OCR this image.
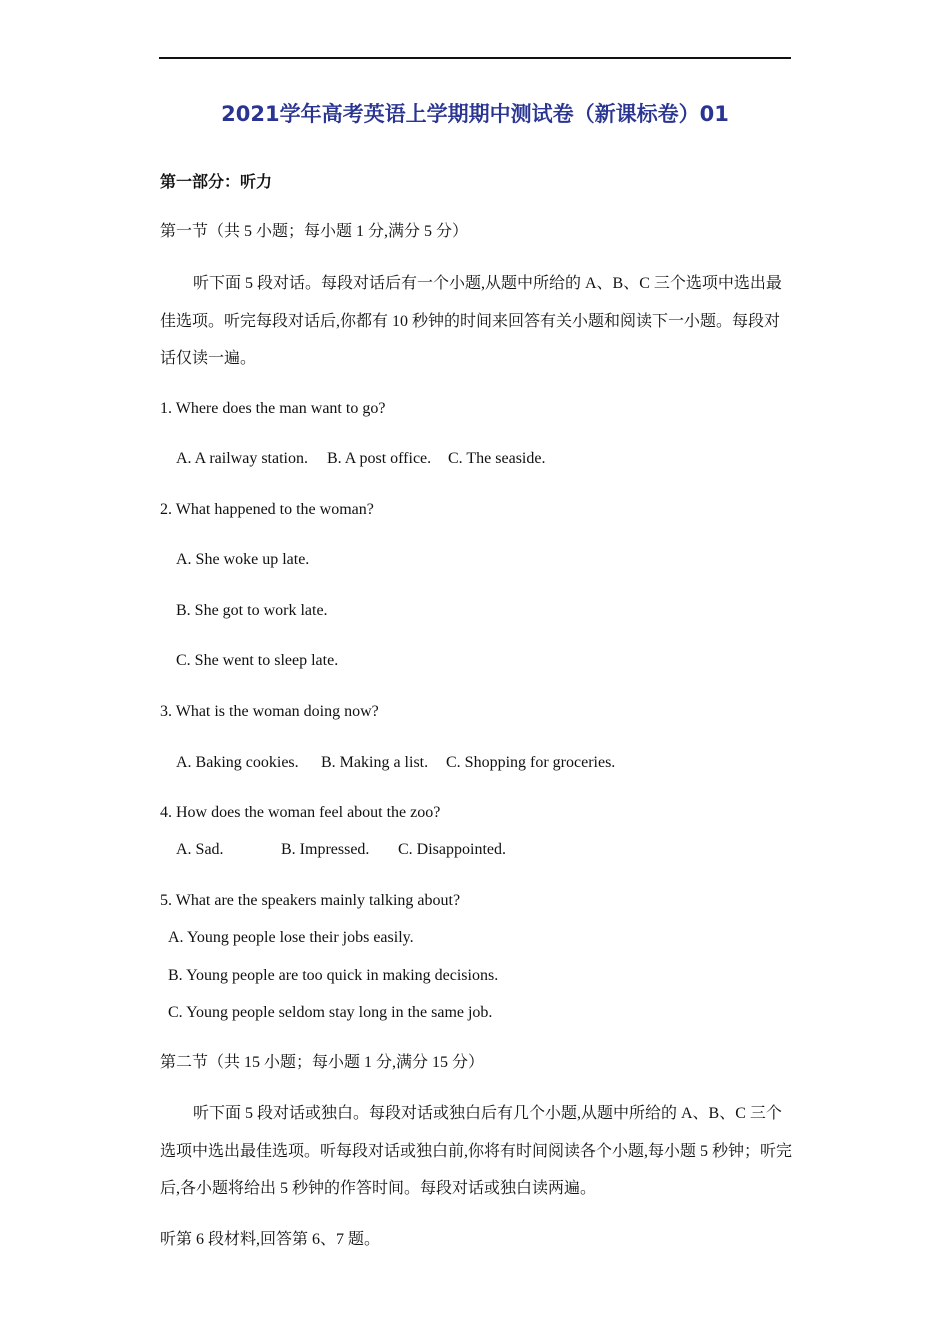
2021学年高考英语上学期期中测试卷（新课标卷）01
第一部分：听力
第一节（共 5 小题；每小题 1 分,满分 5 分）
听下面 5 段对话。每段对话后有一个小题,从题中所给的 A、B、C 三个选项中选出最佳选项。听完每段对话后,你都有 10 秒钟的时间来回答有关小题和阅读下一小题。每段对话仅读一遍。
1. Where does the man want to go?
A. A railway station. B. A post office. C. The seaside.
2. What happened to the woman?
A. She woke up late.
B. She got to work late.
C. She went to sleep late.
3. What is the woman doing now?
A. Baking cookies. B. Making a list. C. Shopping for groceries.
4. How does the woman feel about the zoo?
A. Sad.	B. Impressed. C. Disappointed.
5. What are the speakers mainly talking about?
A. Young people lose their jobs easily.
B. Young people are too quick in making decisions.
C. Young people seldom stay long in the same job.
第二节（共 15 小题；每小题 1 分,满分 15 分）
听下面 5 段对话或独白。每段对话或独白后有几个小题,从题中所给的 A、B、C 三个选项中选出最佳选项。听每段对话或独白前,你将有时间阅读各个小题,每小题 5 秒钟；听完后,各小题将给出 5 秒钟的作答时间。每段对话或独白读两遍。
听第 6 段材料,回答第 6、7 题。
